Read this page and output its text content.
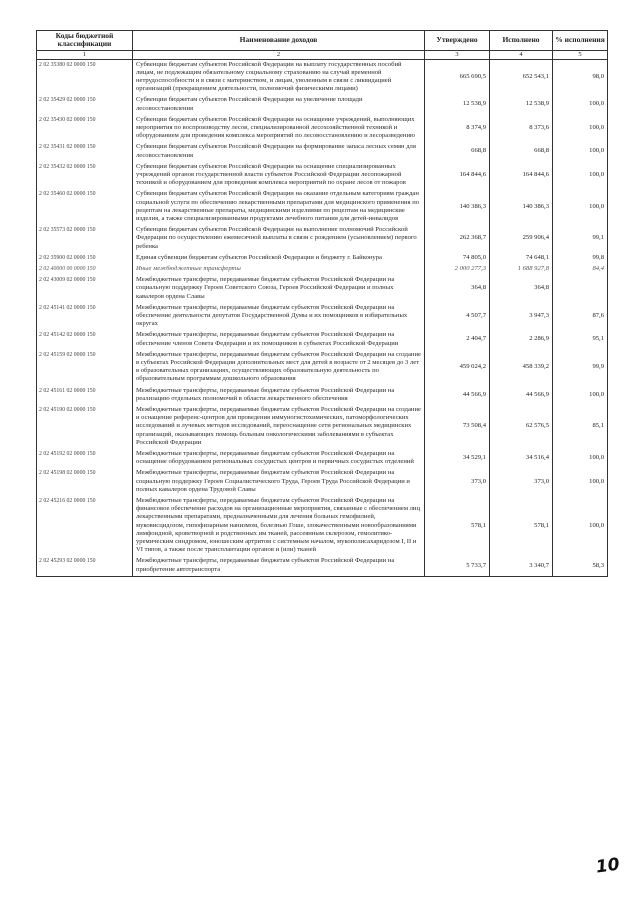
Коды бюджетной классификации	Наименование доходов	Утверждено	Исполнено	% исполнения
1	2	3	4	5
2 02 35380 02 0000 150	Субвенции бюджетам субъектов Российской Федерации на выплату государственных пособий лицам, не подлежащим обязательному социальному страхованию на случай временной нетрудоспособности и в связи с материнством, и лицам, уволенным в связи с ликвидацией организаций (прекращением деятельности, полномочий физическими лицами)	665 690,5	652 543,1	98,0
2 02 35429 02 0000 150	Субвенции бюджетам субъектов Российской Федерации на увеличение площади лесовосстановления	12 538,9	12 538,9	100,0
2 02 35430 02 0000 150	Субвенции бюджетам субъектов Российской Федерации на оснащение учреждений, выполняющих мероприятия по воспроизводству лесов, специализированной лесохозяйственной техникой и оборудованием для проведения комплекса мероприятий по лесовосстановлению и лесоразведению	8 374,9	8 373,6	100,0
2 02 35431 02 0000 150	Субвенции бюджетам субъектов Российской Федерации на формирование запаса лесных семян для лесовосстановления	668,8	668,8	100,0
2 02 35432 02 0000 150	Субвенции бюджетам субъектов Российской Федерации на оснащение специализированных учреждений органов государственной власти субъектов Российской Федерации лесопожарной техникой и оборудованием для проведения комплекса мероприятий по охране лесов от пожаров	164 844,6	164 844,6	100,0
2 02 35460 02 0000 150	Субвенции бюджетам субъектов Российской Федерации на оказание отдельным категориям граждан социальной услуги по обеспечению лекарственными препаратами для медицинского применения по рецептам на лекарственные препараты, медицинскими изделиями по рецептам на медицинские изделия, а также специализированными продуктами лечебного питания для детей-инвалидов	140 386,3	140 386,3	100,0
2 02 35573 02 0000 150	Субвенции бюджетам субъектов Российской Федерации на выполнение полномочий Российской Федерации по осуществлению ежемесячной выплаты в связи с рождением (усыновлением) первого ребенка	262 368,7	259 906,4	99,1
2 02 35900 02 0000 150	Единая субвенция бюджетам субъектов Российской Федерации и бюджету г. Байконура	74 805,0	74 648,1	99,8
2 02 40000 00 0000 150	Иные межбюджетные трансферты	2 000 277,3	1 688 927,8	84,4
2 02 43009 02 0000 150	Межбюджетные трансферты, передаваемые бюджетам субъектов Российской Федерации на социальную поддержку Героев Советского Союза, Героев Российской Федерации и полных кавалеров ордена Славы	364,8	364,8	
2 02 45141 02 0000 150	Межбюджетные трансферты, передаваемые бюджетам субъектов Российской Федерации на обеспечение деятельности депутатов Государственной Думы и их помощников в избирательных округах	4 507,7	3 947,3	87,6
2 02 45142 02 0000 150	Межбюджетные трансферты, передаваемые бюджетам субъектов Российской Федерации на обеспечение членов Совета Федерации и их помощников в субъектах Российской Федерации	2 404,7	2 286,9	95,1
2 02 45159 02 0000 150	Межбюджетные трансферты, передаваемые бюджетам субъектов Российской Федерации на создание в субъектах Российской Федерации дополнительных мест для детей в возрасте от 2 месяцев до 3 лет в образовательных организациях, осуществляющих образовательную деятельность по образовательным программам дошкольного образования	459 024,2	458 339,2	99,9
2 02 45161 02 0000 150	Межбюджетные трансферты, передаваемые бюджетам субъектов Российской Федерации на реализацию отдельных полномочий в области лекарственного обеспечения	44 566,9	44 566,9	100,0
2 02 45190 02 0000 150	Межбюджетные трансферты, передаваемые бюджетам субъектов Российской Федерации на создание и оснащение референс-центров для проведения иммуногистохимических, патоморфологических исследований и лучевых методов исследований, переоснащение сети региональных медицинских организаций, оказывающих помощь больным онкологическими заболеваниями в субъектах Российской Федерации	73 508,4	62 576,5	85,1
2 02 45192 02 0000 150	Межбюджетные трансферты, передаваемые бюджетам субъектов Российской Федерации на оснащение оборудованием региональных сосудистых центров и первичных сосудистых отделений	34 529,1	34 516,4	100,0
2 02 45198 02 0000 150	Межбюджетные трансферты, передаваемые бюджетам субъектов Российской Федерации на социальную поддержку Героев Социалистического Труда, Героев Труда Российской Федерации и полных кавалеров ордена Трудовой Славы	373,0	373,0	100,0
2 02 45216 02 0000 150	Межбюджетные трансферты, передаваемые бюджетам субъектов Российской Федерации на финансовое обеспечение расходов на организационные мероприятия, связанные с обеспечением лиц лекарственными препаратами, предназначенными для лечения больных гемофилией, муковисцидозом, гипофизарным нанизмом, болезнью Гоше, злокачественными новообразованиями лимфоидной, кроветворной и родственных им тканей, рассеянным склерозом, гемолитико-уремическим синдромом, юношеским артритом с системным началом, мукополисахаридозом I, II и VI типов, а также после трансплантации органов и (или) тканей	578,1	578,1	100,0
2 02 45293 02 0000 150	Межбюджетные трансферты, передаваемые бюджетам субъектов Российской Федерации на приобретение автотранспорта	5 733,7	3 340,7	58,3
10
